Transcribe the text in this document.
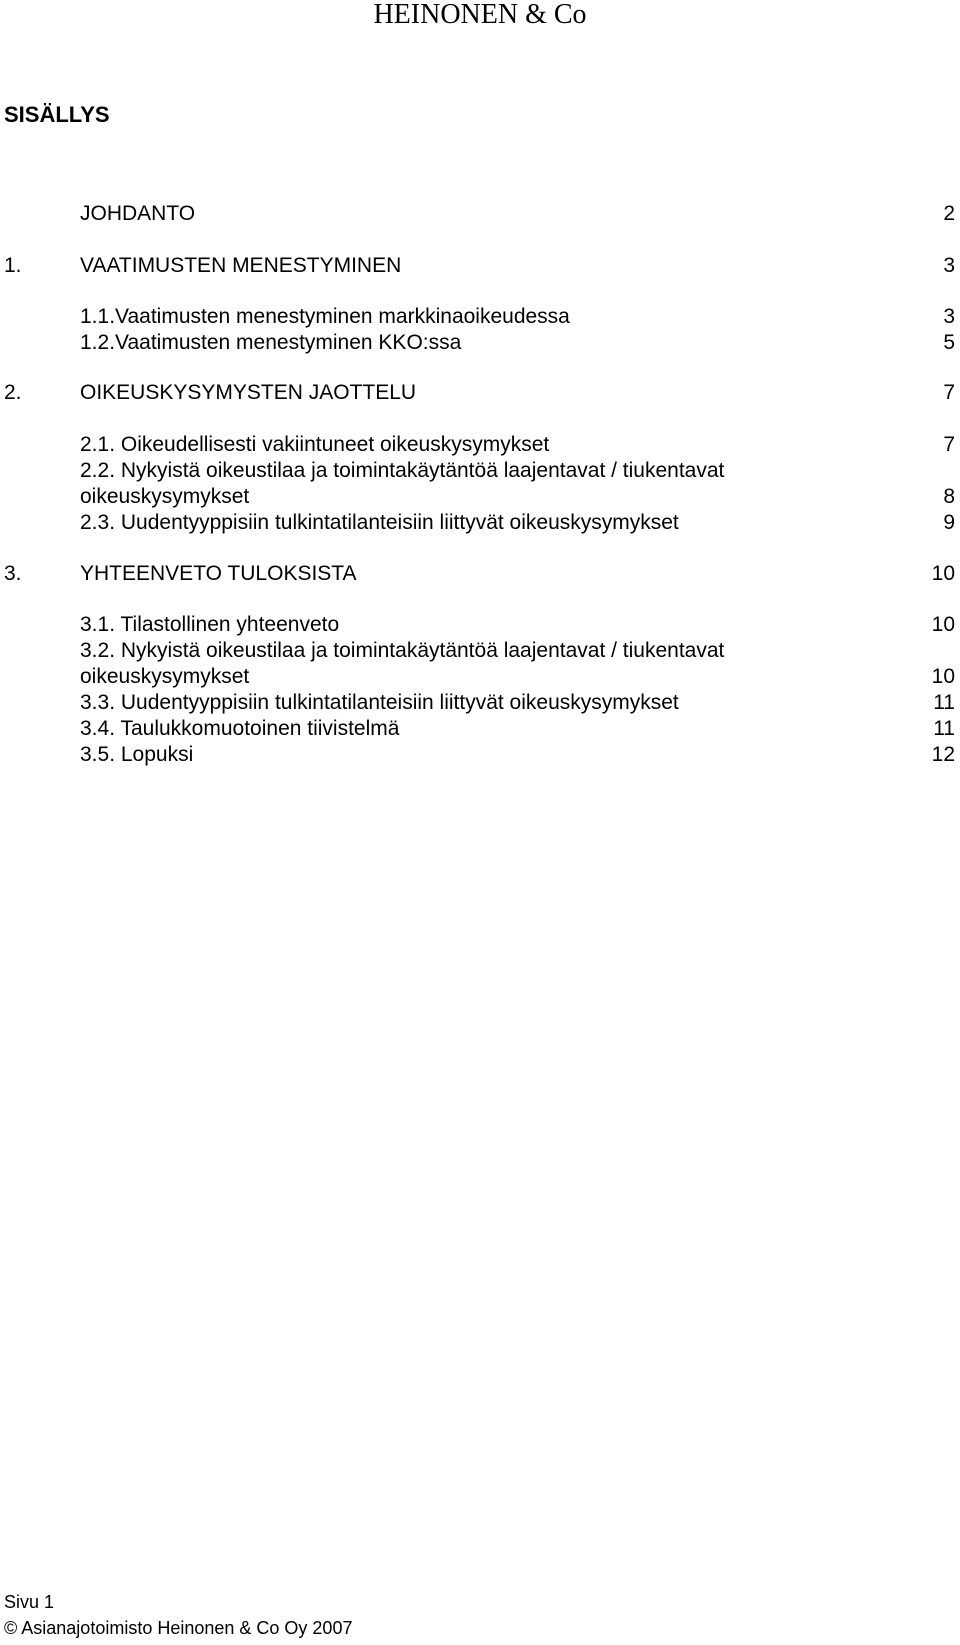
HEINONEN & Co
SISÄLLYS
JOHDANTO	2
1.	VAATIMUSTEN MENESTYMINEN	3
1.1.Vaatimusten menestyminen markkinaoikeudessa	3
1.2.Vaatimusten menestyminen KKO:ssa	5
2.	OIKEUSKYSYMYSTEN JAOTTELU	7
2.1. Oikeudellisesti vakiintuneet oikeuskysymykset	7
2.2. Nykyistä oikeustilaa ja toimintakäytäntöä laajentavat / tiukentavat
oikeuskysymykset	8
2.3. Uudentyyppisiin tulkintatilanteisiin liittyvät oikeuskysymykset	9
3.	YHTEENVETO TULOKSISTA	10
3.1. Tilastollinen yhteenveto	10
3.2. Nykyistä oikeustilaa ja toimintakäytäntöä laajentavat / tiukentavat
oikeuskysymykset	10
3.3. Uudentyyppisiin tulkintatilanteisiin liittyvät oikeuskysymykset	11
3.4. Taulukkomuotoinen tiivistelmä	11
3.5. Lopuksi	12
Sivu 1
© Asianajotoimisto Heinonen & Co Oy 2007
